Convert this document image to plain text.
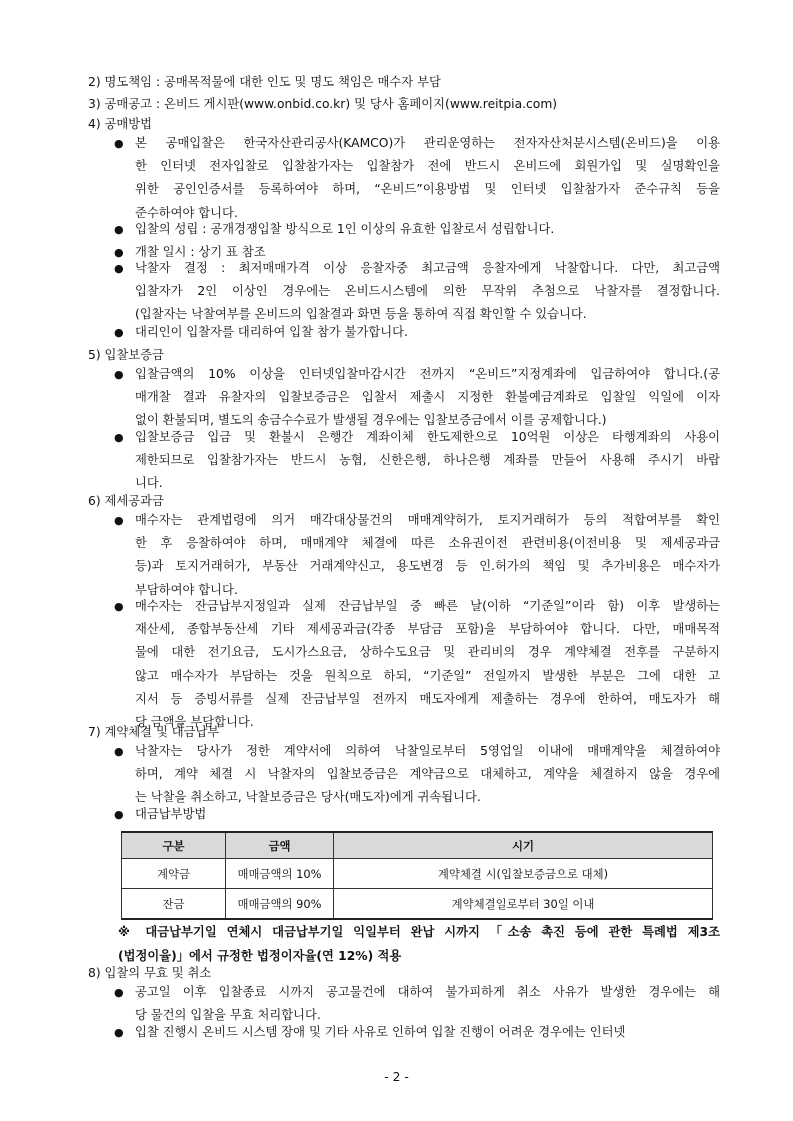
2) 명도책임 : 공매목적물에 대한 인도 및 명도 책임은 매수자 부담
3) 공매공고 : 온비드 게시판(www.onbid.co.kr) 및 당사 홈페이지(www.reitpia.com)
4) 공매방법
● 본 공매입찰은 한국자산관리공사(KAMCO)가 관리운영하는 전자자산처분시스템(온비드)을 이용
한 인터넷 전자입찰로 입찰참가자는 입찰참가 전에 반드시 온비드에 회원가입 및 실명확인을
위한 공인인증서를 등록하여야 하며, “온비드”이용방법 및 인터넷 입찰참가자 준수규칙 등을
준수하여야 합니다.
● 입찰의 성립 : 공개경쟁입찰 방식으로 1인 이상의 유효한 입찰로서 성립합니다.
● 개찰 일시 : 상기 표 참조
● 낙찰자 결정 : 최저매매가격 이상 응찰자중 최고금액 응찰자에게 낙찰합니다. 다만, 최고금액
입찰자가 2인 이상인 경우에는 온비드시스템에 의한 무작위 추첨으로 낙찰자를 결정합니다.
(입찰자는 낙찰여부를 온비드의 입찰결과 화면 등을 통하여 직접 확인할 수 있습니다.
● 대리인이 입찰자를 대리하여 입찰 참가 불가합니다.
5) 입찰보증금
● 입찰금액의 10% 이상을 인터넷입찰마감시간 전까지 “온비드”지정계좌에 입금하여야 합니다.(공
매개찰 결과 유찰자의 입찰보증금은 입찰서 제출시 지정한 환불예금계좌로 입찰일 익일에 이자
없이 환불되며, 별도의 송금수수료가 발생될 경우에는 입찰보증금에서 이를 공제합니다.)
● 입찰보증금 입금 및 환불시 은행간 계좌이체 한도제한으로 10억원 이상은 타행계좌의 사용이
제한되므로 입찰참가자는 반드시 농협, 신한은행, 하나은행 계좌를 만들어 사용해 주시기 바랍
니다.
6) 제세공과금
● 매수자는 관계법령에 의거 매각대상물건의 매매계약허가, 토지거래허가 등의 적합여부를 확인
한 후 응찰하여야 하며, 매매계약 체결에 따른 소유권이전 관련비용(이전비용 및 제세공과금
등)과 토지거래허가, 부동산 거래계약신고, 용도변경 등 인.허가의 책임 및 추가비용은 매수자가
부담하여야 합니다.
● 매수자는 잔금납부지정일과 실제 잔금납부일 중 빠른 날(이하 “기준일”이라 함) 이후 발생하는
재산세, 종합부동산세 기타 제세공과금(각종 부담금 포함)을 부담하여야 합니다. 다만, 매매목적
물에 대한 전기요금, 도시가스요금, 상하수도요금 및 관리비의 경우 계약체결 전후를 구분하지
않고 매수자가 부담하는 것을 원칙으로 하되, “기준일” 전일까지 발생한 부분은 그에 대한 고
지서 등 증빙서류를 실제 잔금납부일 전까지 매도자에게 제출하는 경우에 한하여, 매도자가 해
당 금액을 부담합니다.
7) 계약체결 및 대금납부
● 낙찰자는 당사가 정한 계약서에 의하여 낙찰일로부터 5영업일 이내에 매매계약을 체결하여야
하며, 계약 체결 시 낙찰자의 입찰보증금은 계약금으로 대체하고, 계약을 체결하지 않을 경우에
는 낙찰을 취소하고, 낙찰보증금은 당사(매도자)에게 귀속됩니다.
● 대금납부방법
구분	금액	시기
계약금	매매금액의 10%	계약체결 시(입찰보증금으로 대체)
잔금	매매금액의 90%	계약체결일로부터 30일 이내
※ 대금납부기일 연체시 대금납부기일 익일부터 완납 시까지 「소송 촉진 등에 관한 특례법 제3조
(법정이율)」에서 규정한 법정이자율(연 12%) 적용
8) 입찰의 무효 및 취소
● 공고일 이후 입찰종료 시까지 공고물건에 대하여 불가피하게 취소 사유가 발생한 경우에는 해
당 물건의 입찰을 무효 처리합니다.
● 입찰 진행시 온비드 시스템 장애 및 기타 사유로 인하여 입찰 진행이 어려운 경우에는 인터넷
- 2 -
